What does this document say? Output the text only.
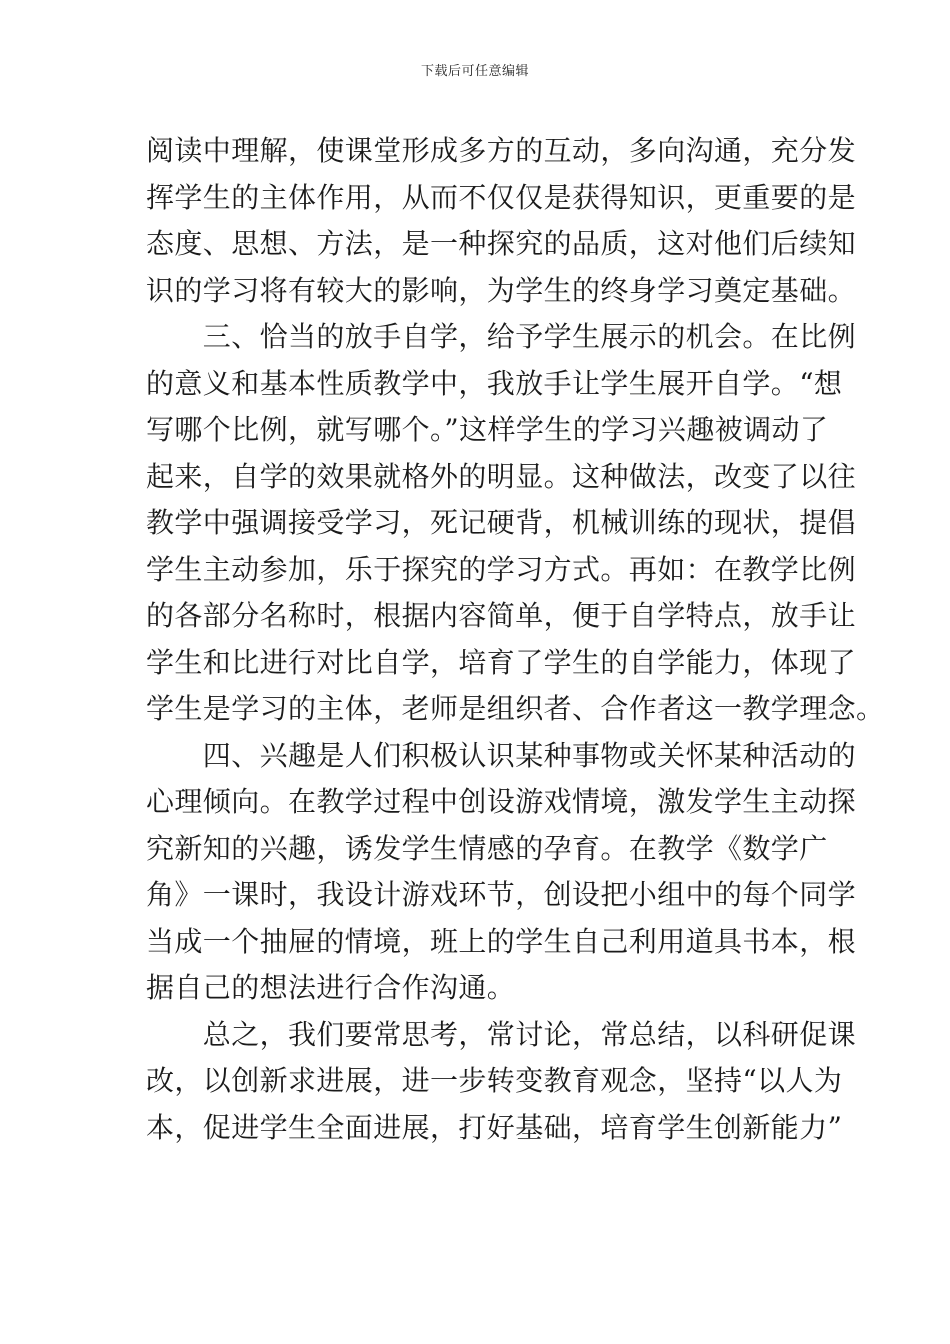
下载后可任意编辑
阅读中理解，使课堂形成多方的互动，多向沟通，充分发
挥学生的主体作用，从而不仅仅是获得知识，更重要的是
态度、思想、方法，是一种探究的品质，这对他们后续知
识的学习将有较大的影响，为学生的终身学习奠定基础。
　　三、恰当的放手自学，给予学生展示的机会。在比例
的意义和基本性质教学中，我放手让学生展开自学。“想
写哪个比例，就写哪个。”这样学生的学习兴趣被调动了
起来，自学的效果就格外的明显。这种做法，改变了以往
教学中强调接受学习，死记硬背，机械训练的现状，提倡
学生主动参加，乐于探究的学习方式。再如：在教学比例
的各部分名称时，根据内容简单，便于自学特点，放手让
学生和比进行对比自学，培育了学生的自学能力，体现了
学生是学习的主体，老师是组织者、合作者这一教学理念。
　　四、兴趣是人们积极认识某种事物或关怀某种活动的
心理倾向。在教学过程中创设游戏情境，激发学生主动探
究新知的兴趣，诱发学生情感的孕育。在教学《数学广
角》一课时，我设计游戏环节，创设把小组中的每个同学
当成一个抽屉的情境，班上的学生自己利用道具书本，根
据自己的想法进行合作沟通。
　　总之，我们要常思考，常讨论，常总结，以科研促课
改，以创新求进展，进一步转变教育观念，坚持“以人为
本，促进学生全面进展，打好基础，培育学生创新能力”
